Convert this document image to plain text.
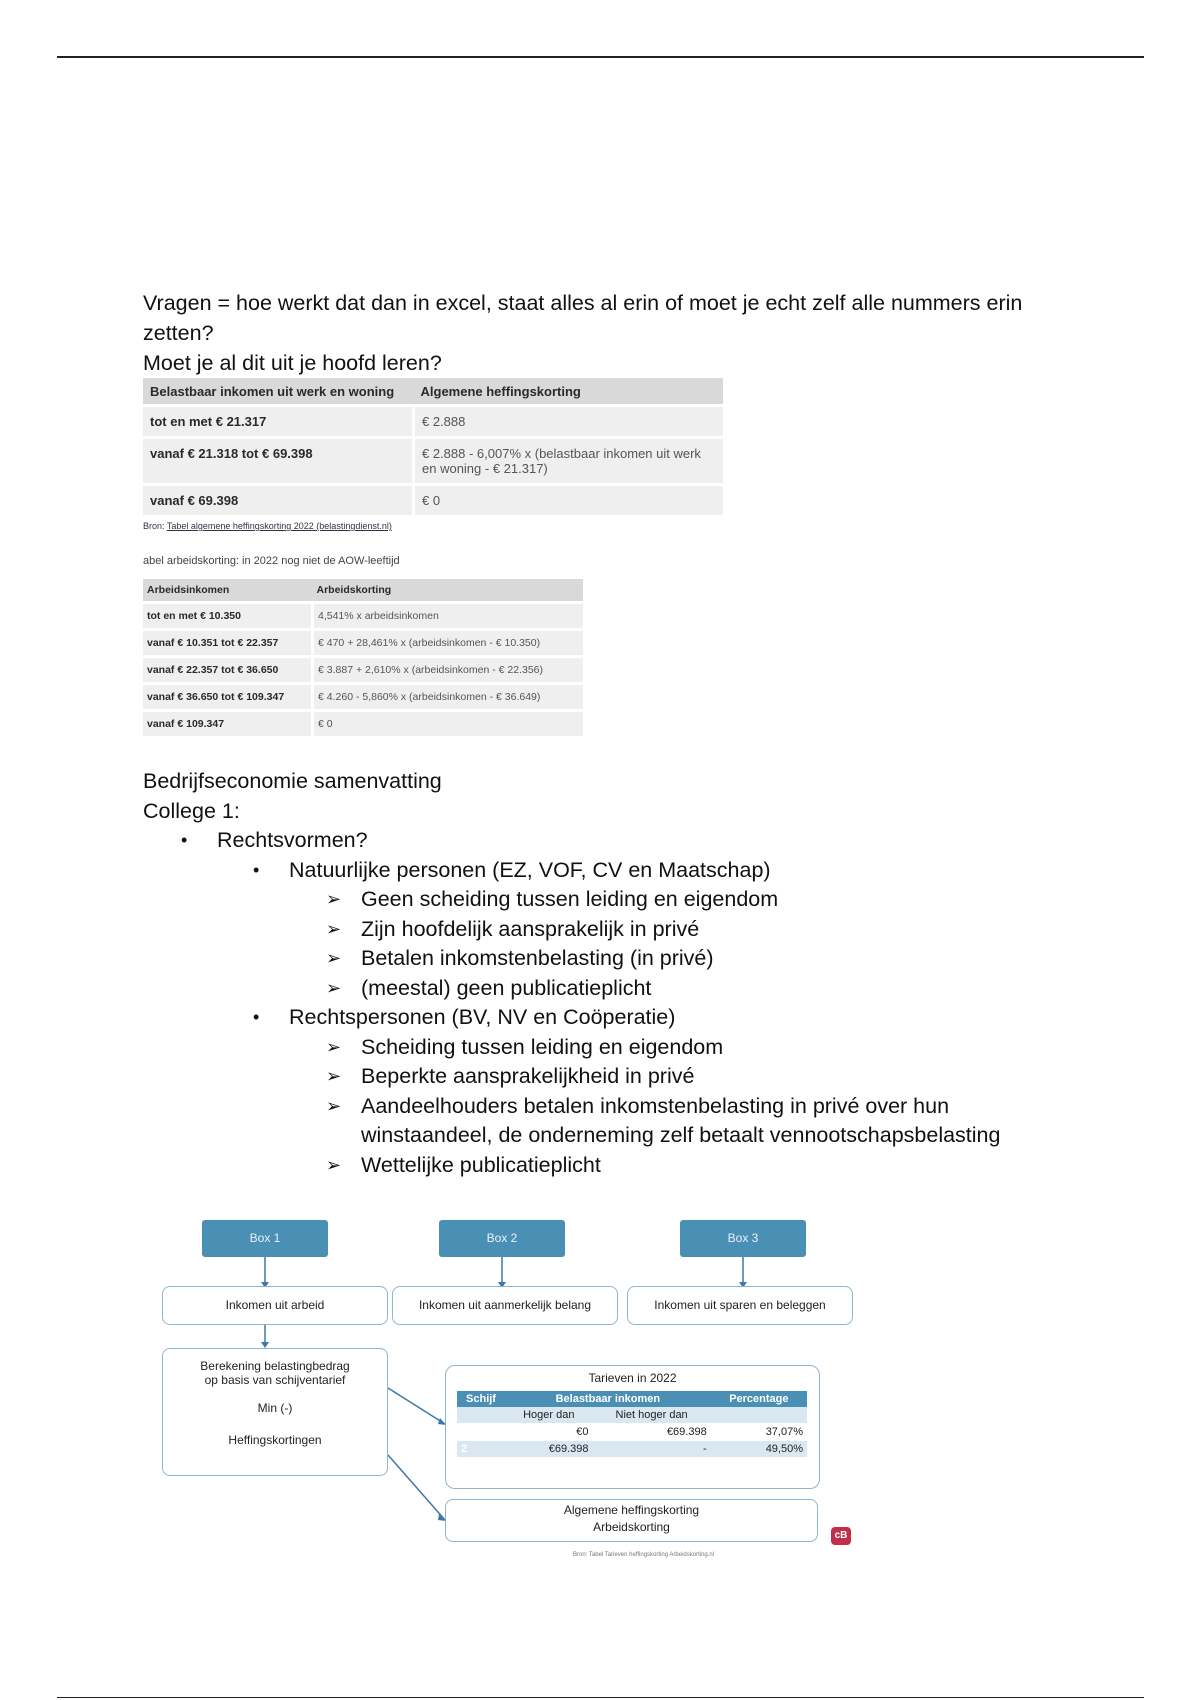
Vragen = hoe werkt dat dan in excel, staat alles al erin of moet je echt zelf alle nummers erin
zetten?
Moet je al dit uit je hoofd leren?
Belastbaar inkomen uit werk en woning	Algemene heffingskorting
tot en met € 21.317	€ 2.888
vanaf € 21.318 tot € 69.398	€ 2.888 - 6,007% x (belastbaar inkomen uit werk en woning - € 21.317)
vanaf € 69.398	€ 0
Bron: Tabel algemene heffingskorting 2022 (belastingdienst.nl)
abel arbeidskorting: in 2022 nog niet de AOW-leeftijd
Arbeidsinkomen	Arbeidskorting
tot en met € 10.350	4,541% x arbeidsinkomen
vanaf € 10.351 tot € 22.357	€ 470 + 28,461% x (arbeidsinkomen - € 10.350)
vanaf € 22.357 tot € 36.650	€ 3.887 + 2,610% x (arbeidsinkomen - € 22.356)
vanaf € 36.650 tot € 109.347	€ 4.260 - 5,860% x (arbeidsinkomen - € 36.649)
vanaf € 109.347	€ 0
Bedrijfseconomie samenvatting
College 1:
• Rechtsvormen?
• Natuurlijke personen (EZ, VOF, CV en Maatschap)
➢ Geen scheiding tussen leiding en eigendom
➢ Zijn hoofdelijk aansprakelijk in privé
➢ Betalen inkomstenbelasting (in privé)
➢ (meestal) geen publicatieplicht
• Rechtspersonen (BV, NV en Coöperatie)
➢ Scheiding tussen leiding en eigendom
➢ Beperkte aansprakelijkheid in privé
➢ Aandeelhouders betalen inkomstenbelasting in privé over hun winstaandeel, de onderneming zelf betaalt vennootschapsbelasting
➢ Wettelijke publicatieplicht
Box 1	Box 2	Box 3
Inkomen uit arbeid	Inkomen uit aanmerkelijk belang	Inkomen uit sparen en beleggen
Berekening belastingbedrag
op basis van schijventarief
Min (-)
Heffingskortingen
Tarieven in 2022
Schijf	Belastbaar inkomen		Percentage
	Hoger dan	Niet hoger dan	
1	€0	€69.398	37,07%
2	€69.398	-	49,50%
Algemene heffingskorting
Arbeidskorting
cB
Bron: Tabel Tarieven heffingskorting Arbeidskorting.nl
